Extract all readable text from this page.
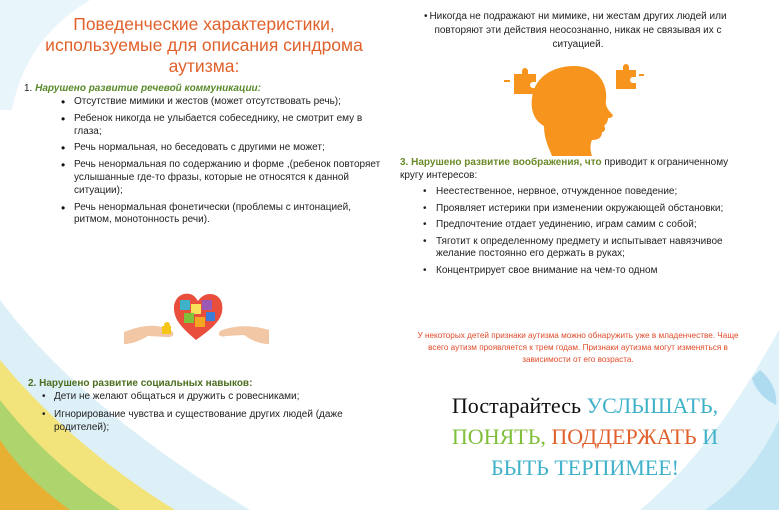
Поведенческие характеристики, используемые для описания синдрома аутизма:

1. Нарушено развитие речевой коммуникации:

• Отсутствие мимики и жестов (может отсутствовать речь);
• Ребенок никогда не улыбается собеседнику, не смотрит ему в глаза;
• Речь нормальная, но беседовать с другими не может;
• Речь ненормальная по содержанию и форме ,(ребенок повторяет услышанные где-то фразы, которые не относятся к данной ситуации);
• Речь ненормальная фонетически (проблемы с интонацией, ритмом, монотонность речи).

2. Нарушено развитие социальных навыков:

• Дети не желают общаться и дружить с ровесниками;
• Игнорирование чувства и существование других людей (даже родителей);
• Никогда не подражают ни мимике, ни жестам других людей или повторяют эти действия неосознанно, никак не связывая их с ситуацией.

3. Нарушено развитие воображения, что приводит к ограниченному кругу интересов:

• Неестественное, нервное, отчужденное поведение;
• Проявляет истерики при изменении окружающей обстановки;
• Предпочтение отдает уединению, играм самим с собой;
• Тяготит к определенному предмету и испытывает навязчивое желание постоянно его держать в руках;
• Концентрирует свое внимание на чем-то одном
У некоторых детей признаки аутизма можно обнаружить уже в младенчестве. Чаще всего аутизм проявляется к трем годам. Признаки аутизма могут изменяться в зависимости от его возраста.
Постарайтесь УСЛЫШАТЬ,
ПОНЯТЬ, ПОДДЕРЖАТЬ И
БЫТЬ ТЕРПИМЕЕ!
